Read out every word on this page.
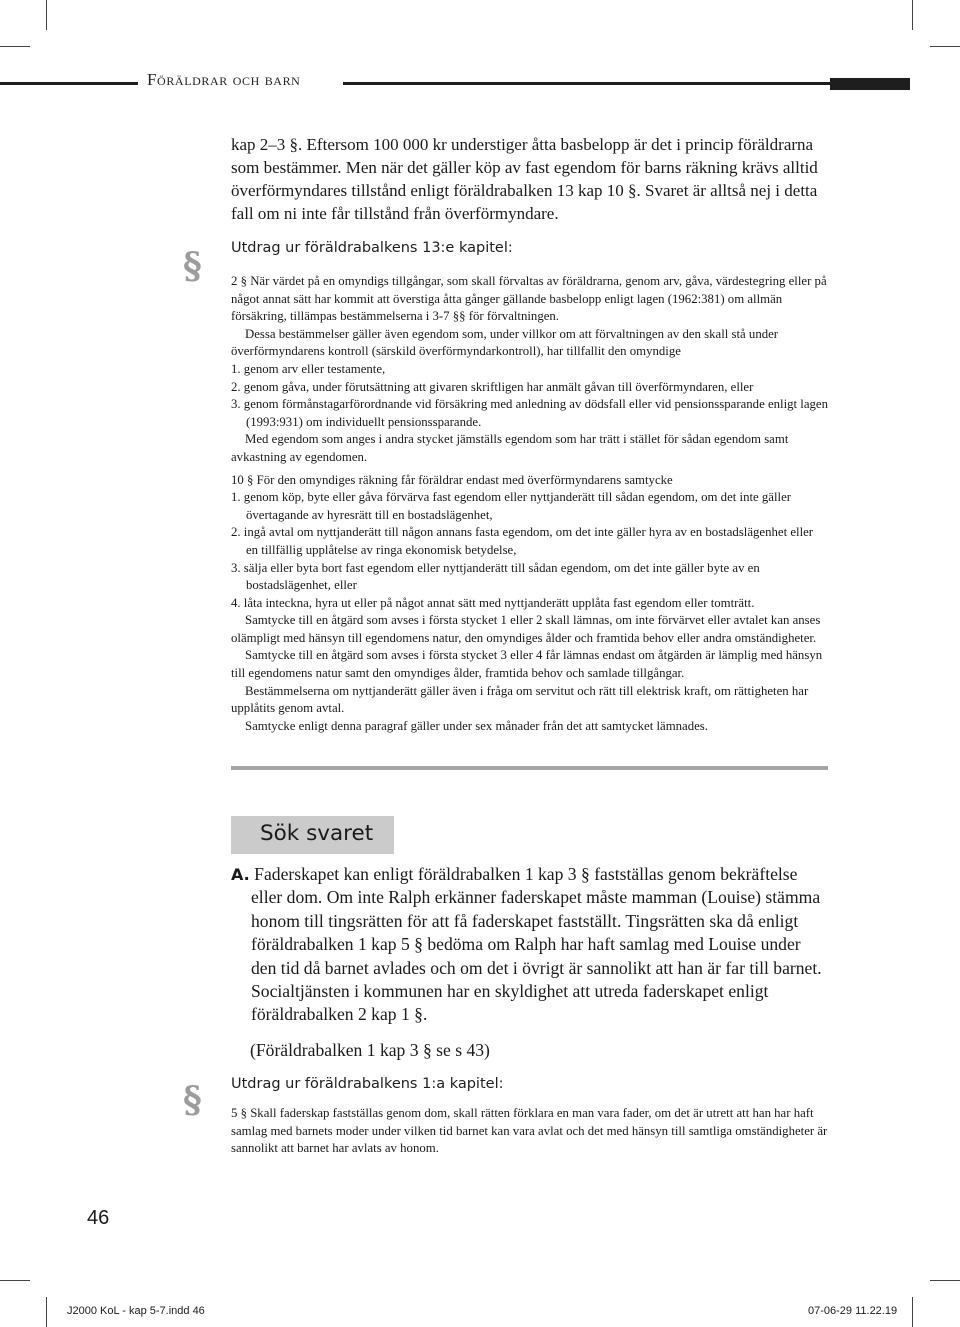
Föräldrar och barn

kap 2–3 §. Eftersom 100 000 kr understiger åtta basbelopp är det i princip föräldrarna som bestämmer. Men när det gäller köp av fast egendom för barns räkning krävs alltid överförmyndares tillstånd enligt föräldrabalken 13 kap 10 §. Svaret är alltså nej i detta fall om ni inte får tillstånd från överförmyndare.

§ Utdrag ur föräldrabalkens 13:e kapitel:

2 § När värdet på en omyndigs tillgångar, som skall förvaltas av föräldrarna, genom arv, gåva, värdestegring eller på något annat sätt har kommit att överstiga åtta gånger gällande basbelopp enligt lagen (1962:381) om allmän försäkring, tillämpas bestämmelserna i 3-7 §§ för förvaltningen.

Dessa bestämmelser gäller även egendom som, under villkor om att förvaltningen av den skall stå under överförmyndarens kontroll (särskild överförmyndarkontroll), har tillfallit den omyndige

1. genom arv eller testamente,

2. genom gåva, under förutsättning att givaren skriftligen har anmält gåvan till överförmyndaren, eller

3. genom förmånstagarförordnande vid försäkring med anledning av dödsfall eller vid pensionssparande enligt lagen (1993:931) om individuellt pensionssparande.

Med egendom som anges i andra stycket jämställs egendom som har trätt i stället för sådan egendom samt avkastning av egendomen.

10 § För den omyndiges räkning får föräldrar endast med överförmyndarens samtycke

1. genom köp, byte eller gåva förvärva fast egendom eller nyttjanderätt till sådan egendom, om det inte gäller övertagande av hyresrätt till en bostadslägenhet,

2. ingå avtal om nyttjanderätt till någon annans fasta egendom, om det inte gäller hyra av en bostadslägenhet eller en tillfällig upplåtelse av ringa ekonomisk betydelse,

3. sälja eller byta bort fast egendom eller nyttjanderätt till sådan egendom, om det inte gäller byte av en bostadslägenhet, eller

4. låta inteckna, hyra ut eller på något annat sätt med nyttjanderätt upplåta fast egendom eller tomträtt.

Samtycke till en åtgärd som avses i första stycket 1 eller 2 skall lämnas, om inte förvärvet eller avtalet kan anses olämpligt med hänsyn till egendomens natur, den omyndiges ålder och framtida behov eller andra omständigheter.

Samtycke till en åtgärd som avses i första stycket 3 eller 4 får lämnas endast om åtgärden är lämplig med hänsyn till egendomens natur samt den omyndiges ålder, framtida behov och samlade tillgångar.

Bestämmelserna om nyttjanderätt gäller även i fråga om servitut och rätt till elektrisk kraft, om rättigheten har upplåtits genom avtal.

Samtycke enligt denna paragraf gäller under sex månader från det att samtycket lämnades.

Sök svaret

A. Faderskapet kan enligt föräldrabalken 1 kap 3 § fastställas genom bekräftelse eller dom. Om inte Ralph erkänner faderskapet måste mamman (Louise) stämma honom till tingsrätten för att få faderskapet fastställt. Tingsrätten ska då enligt föräldrabalken 1 kap 5 § bedöma om Ralph har haft samlag med Louise under den tid då barnet avlades och om det i övrigt är sannolikt att han är far till barnet. Socialtjänsten i kommunen har en skyldighet att utreda faderskapet enligt föräldrabalken 2 kap 1 §.

(Föräldrabalken 1 kap 3 § se s 43)
§ Utdrag ur föräldrabalkens 1:a kapitel:

5 § Skall faderskap fastställas genom dom, skall rätten förklara en man vara fader, om det är utrett att han har haft samlag med barnets moder under vilken tid barnet kan vara avlat och det med hänsyn till samtliga omständigheter är sannolikt att barnet har avlats av honom.

46
J2000 KoL - kap 5-7.indd 46	07-06-29 11.22.19
